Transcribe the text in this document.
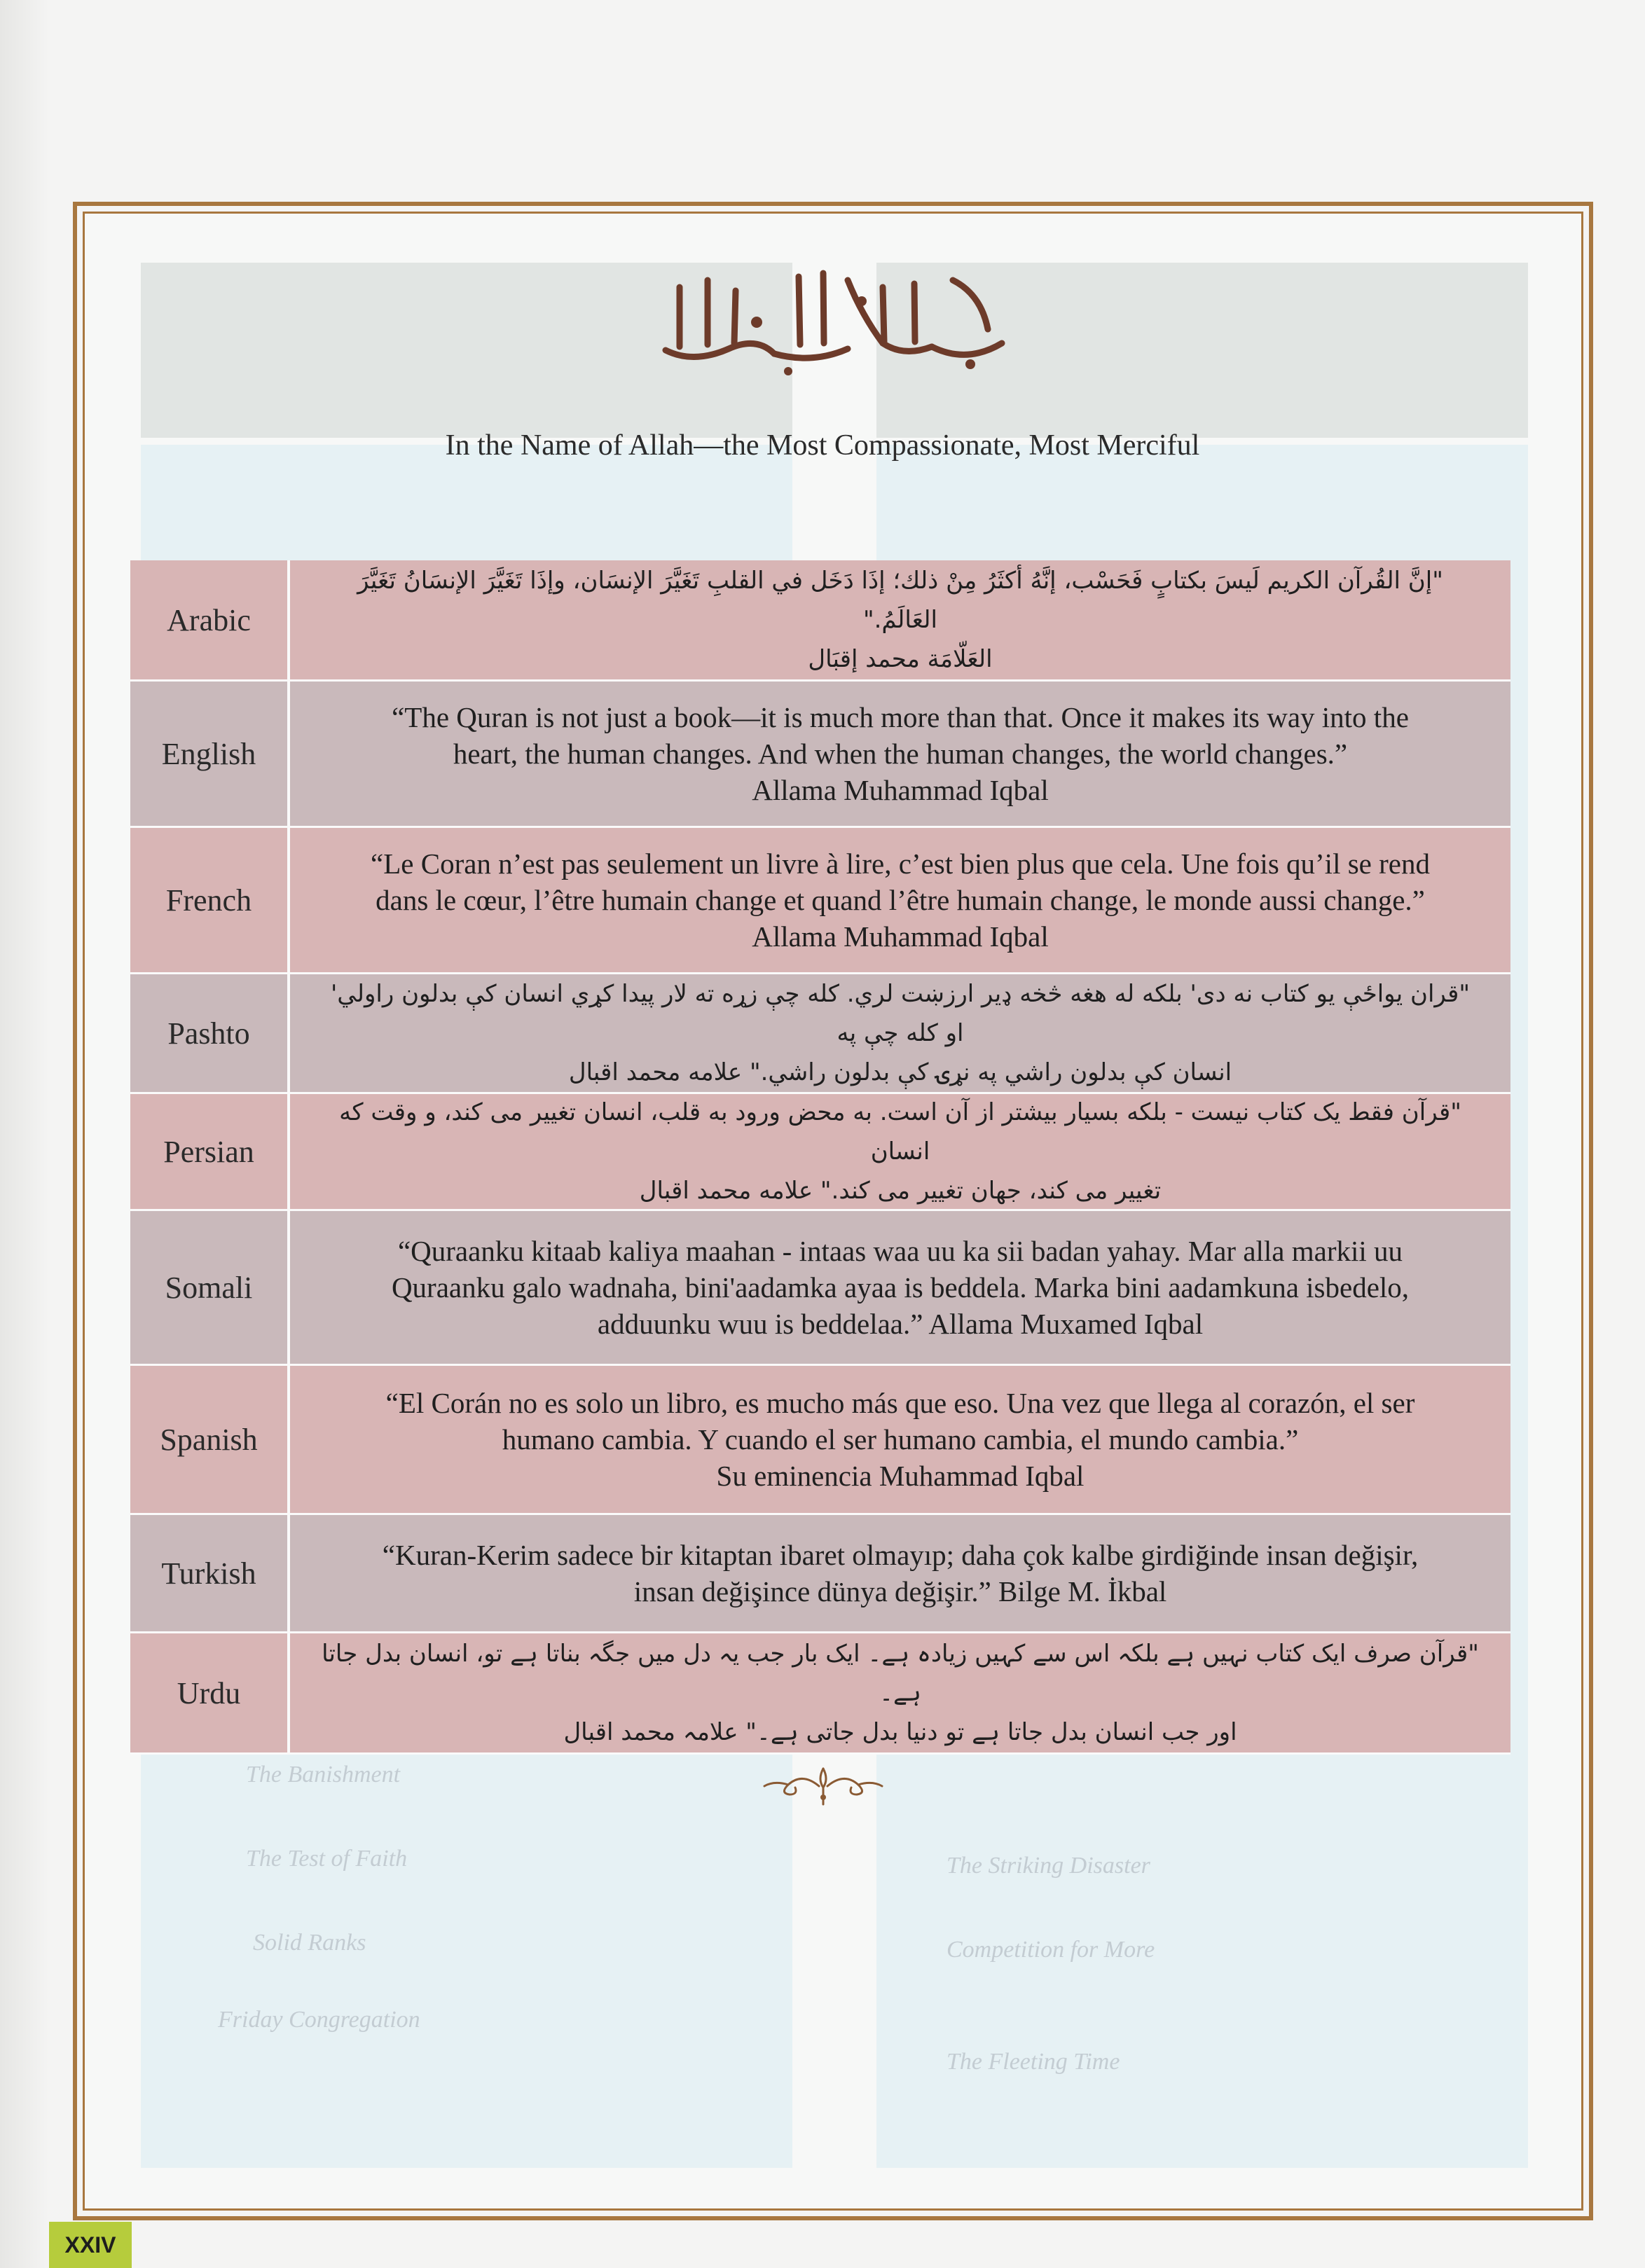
The Banishment
The Test of Faith
Solid Ranks
Friday Congregation
The Striking Disaster
Competition for More
The Fleeting Time
In the Name of Allah—the Most Compassionate, Most Merciful
Arabic
"إنَّ القُرآن الكريم لَيسَ بكتابٍ فَحَسْب، إنَّهُ أكثَرُ مِنْ ذلك؛ إذَا دَخَل في القلبِ تَغَيَّرَ الإنسَان، وإذَا تَغَيَّرَ الإنسَانُ تَغَيَّرَ العَالَمُ."
العَلّامَة محمد إقبَال
English
“The Quran is not just a book—it is much more than that. Once it makes its way into the
heart, the human changes. And when the human changes, the world changes.”
Allama Muhammad Iqbal
French
“Le Coran n’est pas seulement un livre à lire, c’est bien plus que cela. Une fois qu’il se rend
dans le cœur, l’être humain change et quand l’être humain change, le monde aussi change.”
Allama Muhammad Iqbal
Pashto
"قران يواځې يو کتاب نه دی' بلکه له هغه څخه ډير ارزښت لري. کله چې زړه ته لار پيدا کړي انسان کې بدلون راولي' او کله چې په
انسان کې بدلون راشي په نړۍ کې بدلون راشي." علامه محمد اقبال
Persian
"قرآن فقط یک کتاب نیست - بلکه بسیار بیشتر از آن است. به محض ورود به قلب، انسان تغییر می کند، و وقت که انسان
تغییر می کند، جهان تغییر می کند." علامه محمد اقبال
Somali
“Quraanku kitaab kaliya maahan - intaas waa uu ka sii badan yahay. Mar alla markii uu
Quraanku galo wadnaha, bini'aadamka ayaa is beddela. Marka bini aadamkuna isbedelo,
adduunku wuu is beddelaa.” Allama Muxamed Iqbal
Spanish
“El Corán no es solo un libro, es mucho más que eso. Una vez que llega al corazón, el ser
humano cambia. Y cuando el ser humano cambia, el mundo cambia.”
Su eminencia Muhammad Iqbal
Turkish
“Kuran-Kerim sadece bir kitaptan ibaret olmayıp; daha çok kalbe girdiğinde insan değişir,
insan değişince dünya değişir.” Bilge M. İkbal
Urdu
"قرآن صرف ایک کتاب نہیں ہے بلکہ اس سے کہیں زیادہ ہے۔ ایک بار جب یہ دل میں جگہ بناتا ہے تو، انسان بدل جاتا ہے۔
اور جب انسان بدل جاتا ہے تو دنیا بدل جاتی ہے۔" علامہ محمد اقبال
XXIV
